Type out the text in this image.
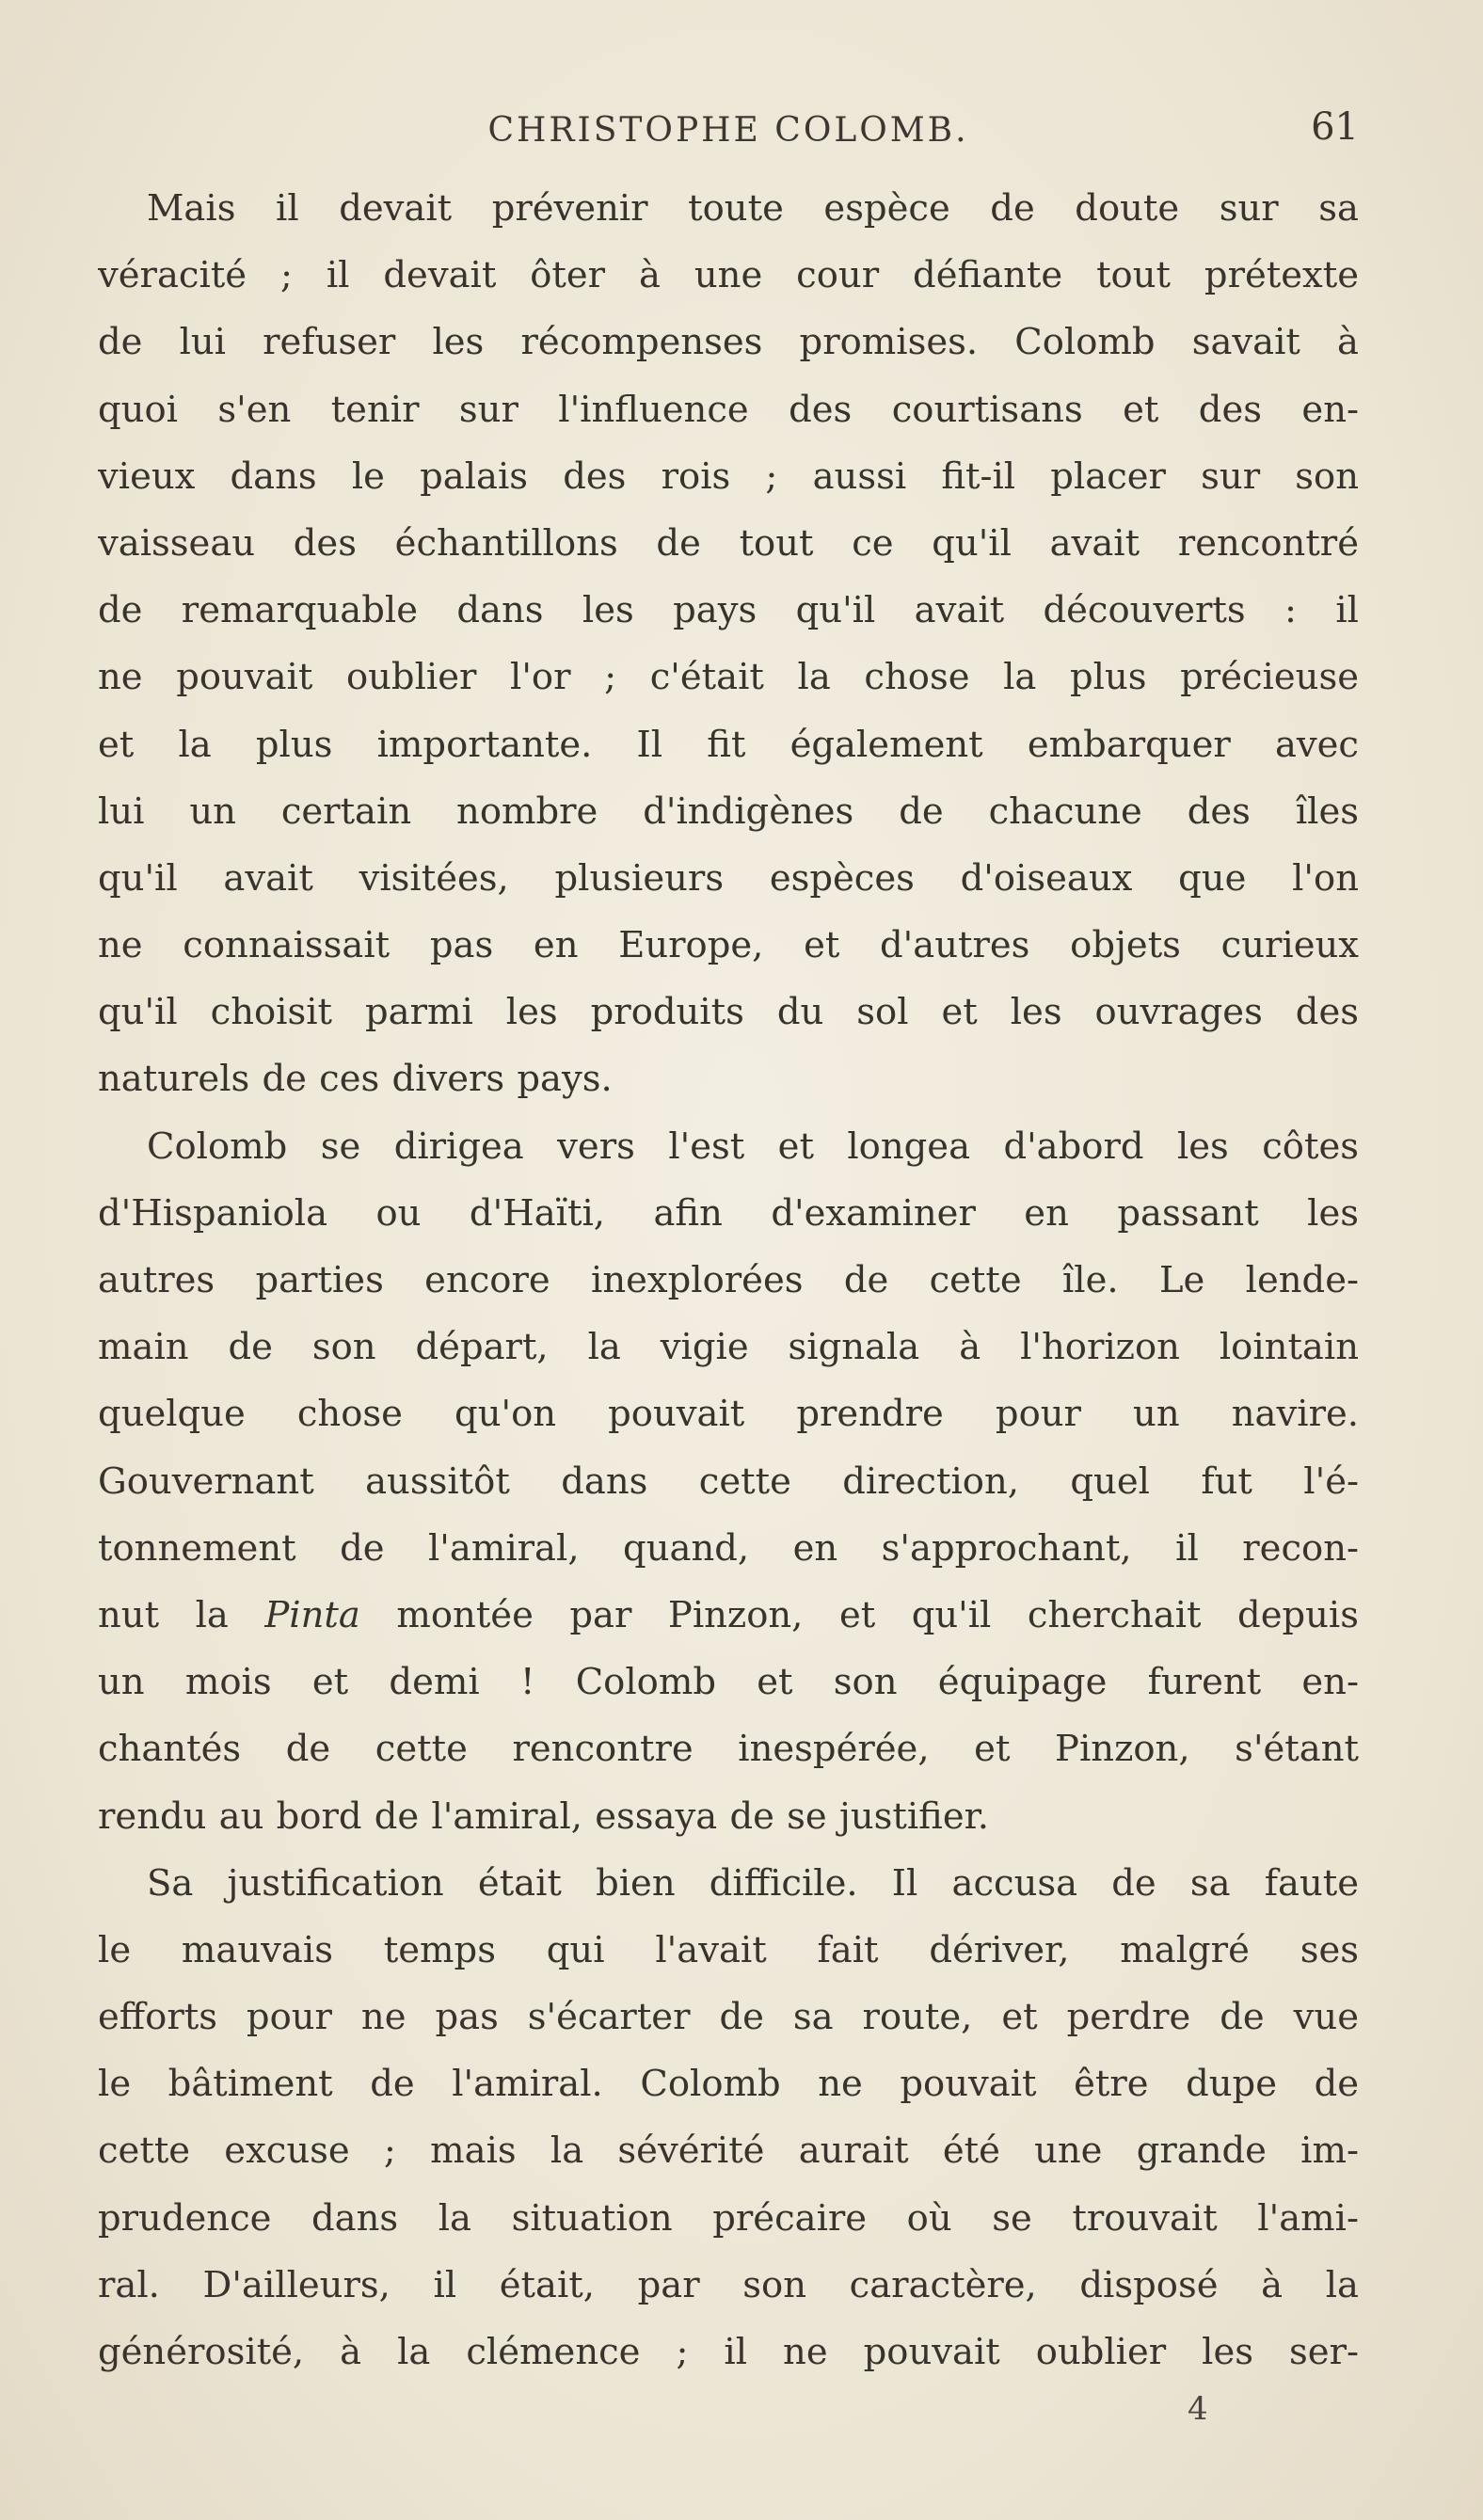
CHRISTOPHE COLOMB.	61
Mais il devait prévenir toute espèce de doute sur sa
véracité ; il devait ôter à une cour défiante tout prétexte
de lui refuser les récompenses promises. Colomb savait à
quoi s'en tenir sur l'influence des courtisans et des en-
vieux dans le palais des rois ; aussi fit-il placer sur son
vaisseau des échantillons de tout ce qu'il avait rencontré
de remarquable dans les pays qu'il avait découverts : il
ne pouvait oublier l'or ; c'était la chose la plus précieuse
et la plus importante. Il fit également embarquer avec
lui un certain nombre d'indigènes de chacune des îles
qu'il avait visitées, plusieurs espèces d'oiseaux que l'on
ne connaissait pas en Europe, et d'autres objets curieux
qu'il choisit parmi les produits du sol et les ouvrages des
naturels de ces divers pays.
Colomb se dirigea vers l'est et longea d'abord les côtes
d'Hispaniola ou d'Haïti, afin d'examiner en passant les
autres parties encore inexplorées de cette île. Le lende-
main de son départ, la vigie signala à l'horizon lointain
quelque chose qu'on pouvait prendre pour un navire.
Gouvernant aussitôt dans cette direction, quel fut l'é-
tonnement de l'amiral, quand, en s'approchant, il recon-
nut la Pinta montée par Pinzon, et qu'il cherchait depuis
un mois et demi ! Colomb et son équipage furent en-
chantés de cette rencontre inespérée, et Pinzon, s'étant
rendu au bord de l'amiral, essaya de se justifier.
Sa justification était bien difficile. Il accusa de sa faute
le mauvais temps qui l'avait fait dériver, malgré ses
efforts pour ne pas s'écarter de sa route, et perdre de vue
le bâtiment de l'amiral. Colomb ne pouvait être dupe de
cette excuse ; mais la sévérité aurait été une grande im-
prudence dans la situation précaire où se trouvait l'ami-
ral. D'ailleurs, il était, par son caractère, disposé à la
générosité, à la clémence ; il ne pouvait oublier les ser-
4
